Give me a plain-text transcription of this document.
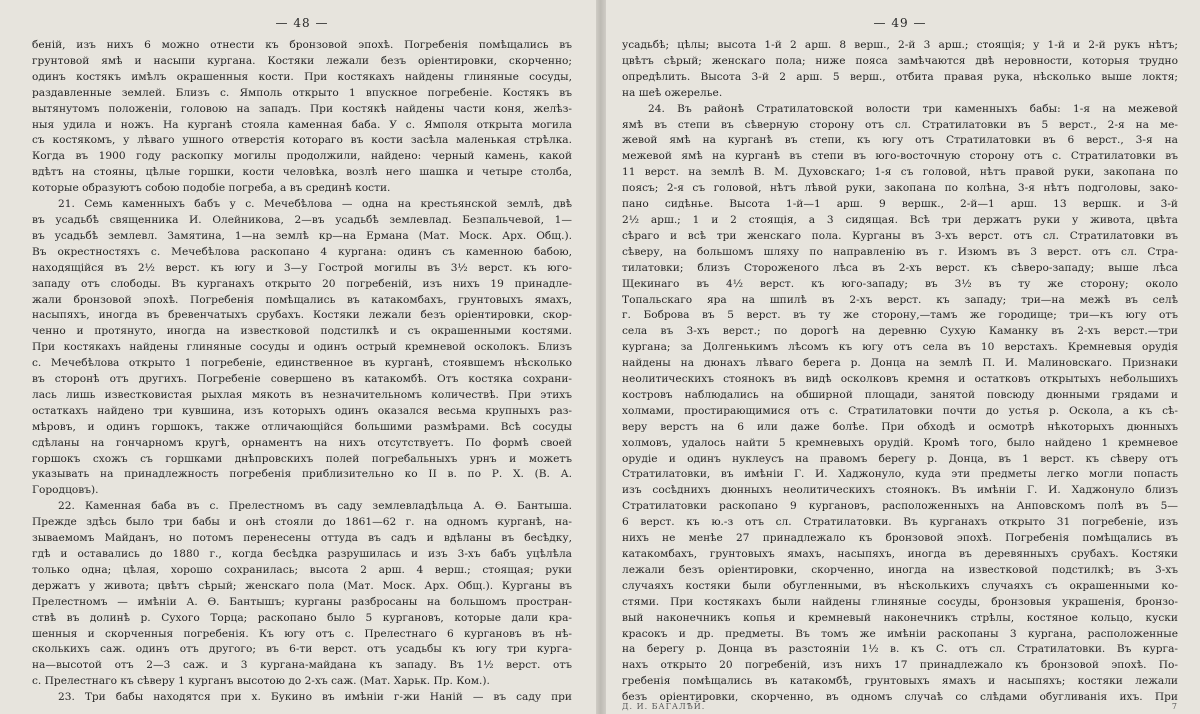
— 48 —
беній, изъ нихъ 6 можно отнести къ бронзовой эпохѣ. Погребенія помѣщались въ
грунтовой ямѣ и насыпи кургана. Костяки лежали безъ оріентировки, скорченно;
одинъ костякъ имѣлъ окрашенныя кости. При костякахъ найдены глиняные сосуды,
раздавленные землей. Близъ с. Ямполь открыто 1 впускное погребеніе. Костякъ въ
вытянутомъ положеніи, головою на западъ. При костякѣ найдены части коня, желѣз-
ныя удила и ножъ. На курганѣ стояла каменная баба. У с. Ямполя открыта могила
съ костякомъ, у лѣваго ушного отверстія котораго въ кости засѣла маленькая стрѣлка.
Когда въ 1900 году раскопку могилы продолжили, найдено: черный камень, какой
вдѣтъ на стояны, цѣлые горшки, кости человѣка, возлѣ него шашка и четыре столба,
которые образуютъ собою подобіе погреба, а въ срединѣ кости.
21. Семь каменныхъ бабъ у с. Мечебѣлова — одна на крестьянской землѣ, двѣ
въ усадьбѣ священника И. Олейникова, 2—въ усадьбѣ землевлад. Безпальчевой, 1—
въ усадьбѣ землевл. Замятина, 1—на землѣ кр—на Ермана (Мат. Моск. Арх. Общ.).
Въ окрестностяхъ с. Мечебѣлова раскопано 4 кургана: одинъ съ каменною бабою,
находящійся въ 2½ верст. къ югу и 3—у Гострой могилы въ 3½ верст. къ юго-
западу отъ слободы. Въ курганахъ открыто 20 погребеній, изъ нихъ 19 принадле-
жали бронзовой эпохѣ. Погребенія помѣщались въ катакомбахъ, грунтовыхъ ямахъ,
насыпяхъ, иногда въ бревенчатыхъ срубахъ. Костяки лежали безъ оріентировки, скор-
ченно и протянуто, иногда на известковой подстилкѣ и съ окрашенными костями.
При костякахъ найдены глиняные сосуды и одинъ острый кремневой осколокъ. Близъ
с. Мечебѣлова открыто 1 погребеніе, единственное въ курганѣ, стоявшемъ нѣсколько
въ сторонѣ отъ другихъ. Погребеніе совершено въ катакомбѣ. Отъ костяка сохрани-
лась лишь известковистая рыхлая мякоть въ незначительномъ количествѣ. При этихъ
остаткахъ найдено три кувшина, изъ которыхъ одинъ оказался весьма крупныхъ раз-
мѣровъ, и одинъ горшокъ, также отличающійся большими размѣрами. Всѣ сосуды
сдѣланы на гончарномъ кругѣ, орнаментъ на нихъ отсутствуетъ. По формѣ своей
горшокъ схожъ съ горшками днѣпровскихъ полей погребальныхъ урнъ и можетъ
указывать на принадлежность погребенія приблизительно ко II в. по Р. Х. (В. А.
Городцовъ).
22. Каменная баба въ с. Прелестномъ въ саду землевладѣльца А. Ѳ. Бантыша.
Прежде здѣсь было три бабы и онѣ стояли до 1861—62 г. на одномъ курганѣ, на-
зываемомъ Майданъ, но потомъ перенесены оттуда въ садъ и вдѣланы въ бесѣдку,
гдѣ и оставались до 1880 г., когда бесѣдка разрушилась и изъ 3-хъ бабъ уцѣлѣла
только одна; цѣлая, хорошо сохранилась; высота 2 арш. 4 верш.; стоящая; руки
держатъ у живота; цвѣтъ сѣрый; женскаго пола (Мат. Моск. Арх. Общ.). Курганы въ
Прелестномъ — имѣніи А. Ѳ. Бантышъ; курганы разбросаны на большомъ простран-
ствѣ въ долинѣ р. Сухого Торца; раскопано было 5 кургановъ, которые дали кра-
шенныя и скорченныя погребенія. Къ югу отъ с. Прелестнаго 6 кургановъ въ нѣ-
сколькихъ саж. одинъ отъ другого; въ 6-ти верст. отъ усадьбы къ югу три курга-
на—высотой отъ 2—3 саж. и 3 кургана-майдана къ западу. Въ 1½ верст. отъ
с. Прелестнаго къ сѣверу 1 курганъ высотою до 2-хъ саж. (Мат. Харьк. Пр. Ком.).
23. Три бабы находятся при х. Букино въ имѣніи г-жи Наній — въ саду при
— 49 —
усадьбѣ; цѣлы; высота 1-й 2 арш. 8 верш., 2-й 3 арш.; стоящія; у 1-й и 2-й рукъ нѣтъ;
цвѣтъ сѣрый; женскаго пола; ниже пояса замѣчаются двѣ неровности, которыя трудно
опредѣлить. Высота 3-й 2 арш. 5 верш., отбита правая рука, нѣсколько выше локтя;
на шеѣ ожерелье.
24. Въ районѣ Стратилатовской волости три каменныхъ бабы: 1-я на межевой
ямѣ въ степи въ сѣверную сторону отъ сл. Стратилатовки въ 5 верст., 2-я на ме-
жевой ямѣ на курганѣ въ степи, къ югу отъ Стратилатовки въ 6 верст., 3-я на
межевой ямѣ на курганѣ въ степи въ юго-восточную сторону отъ с. Стратилатовки въ
11 верст. на землѣ В. М. Духовскаго; 1-я съ головой, нѣтъ правой руки, закопана по
поясъ; 2-я съ головой, нѣтъ лѣвой руки, закопана по колѣна, 3-я нѣтъ подголовы, зако-
пано сидѣнье. Высота 1-й—1 арш. 9 вершк., 2-й—1 арш. 13 вершк. и 3-й
2½ арш.; 1 и 2 стоящія, а 3 сидящая. Всѣ три держатъ руки у живота, цвѣта
сѣраго и всѣ три женскаго пола. Курганы въ 3-хъ верст. отъ сл. Стратилатовки въ
сѣверу, на большомъ шляху по направленію въ г. Изюмъ въ 3 верст. отъ сл. Стра-
тилатовки; близъ Стороженого лѣса въ 2-хъ верст. къ сѣверо-западу; выше лѣса
Щекинаго въ 4½ верст. къ юго-западу; въ 3½ въ ту же сторону; около
Топальскаго яра на шпилѣ въ 2-хъ верст. къ западу; три—на межѣ въ селѣ
г. Боброва въ 5 верст. въ ту же сторону,—тамъ же городище; три—къ югу отъ
села въ 3-хъ верст.; по дорогѣ на деревню Сухую Каманку въ 2-хъ верст.—три
кургана; за Долгенькимъ лѣсомъ къ югу отъ села въ 10 верстахъ. Кремневыя орудія
найдены на дюнахъ лѣваго берега р. Донца на землѣ П. И. Малиновскаго. Признаки
неолитическихъ стоянокъ въ видѣ осколковъ кремня и остатковъ открытыхъ небольшихъ
костровъ наблюдались на обширной площади, занятой повсюду дюнными грядами и
холмами, простирающимися отъ с. Стратилатовки почти до устья р. Оскола, а къ сѣ-
веру верстъ на 6 или даже болѣе. При обходѣ и осмотрѣ нѣкоторыхъ дюнныхъ
холмовъ, удалось найти 5 кремневыхъ орудій. Кромѣ того, было найдено 1 кремневое
орудіе и одинъ нуклеусъ на правомъ берегу р. Донца, въ 1 верст. къ сѣверу отъ
Стратилатовки, въ имѣніи Г. И. Хаджонуло, куда эти предметы легко могли попасть
изъ сосѣднихъ дюнныхъ неолитическихъ стоянокъ. Въ имѣніи Г. И. Хаджонуло близъ
Стратилатовки раскопано 9 кургановъ, расположенныхъ на Анповскомъ полѣ въ 5—
6 верст. къ ю.-з отъ сл. Стратилатовки. Въ курганахъ открыто 31 погребеніе, изъ
нихъ не менѣе 27 принадлежало къ бронзовой эпохѣ. Погребенія помѣщались въ
катакомбахъ, грунтовыхъ ямахъ, насыпяхъ, иногда въ деревянныхъ срубахъ. Костяки
лежали безъ оріентировки, скорченно, иногда на известковой подстилкѣ; въ 3-хъ
случаяхъ костяки были обугленными, въ нѣсколькихъ случаяхъ съ окрашенными ко-
стями. При костякахъ были найдены глиняные сосуды, бронзовыя украшенія, бронзо-
вый наконечникъ копья и кремневый наконечникъ стрѣлы, костяное кольцо, куски
красокъ и др. предметы. Въ томъ же имѣніи раскопаны 3 кургана, расположенные
на берегу р. Донца въ разстояніи 1½ в. къ С. отъ сл. Стратилатовки. Въ курга-
нахъ открыто 20 погребеній, изъ нихъ 17 принадлежало къ бронзовой эпохѣ. По-
гребенія помѣщались въ катакомбѣ, грунтовыхъ ямахъ и насыпяхъ; костяки лежали
безъ оріентировки, скорченно, въ одномъ случаѣ со слѣдами обугливанія ихъ. При
Д. И. БАГАЛѢЙ.	7
